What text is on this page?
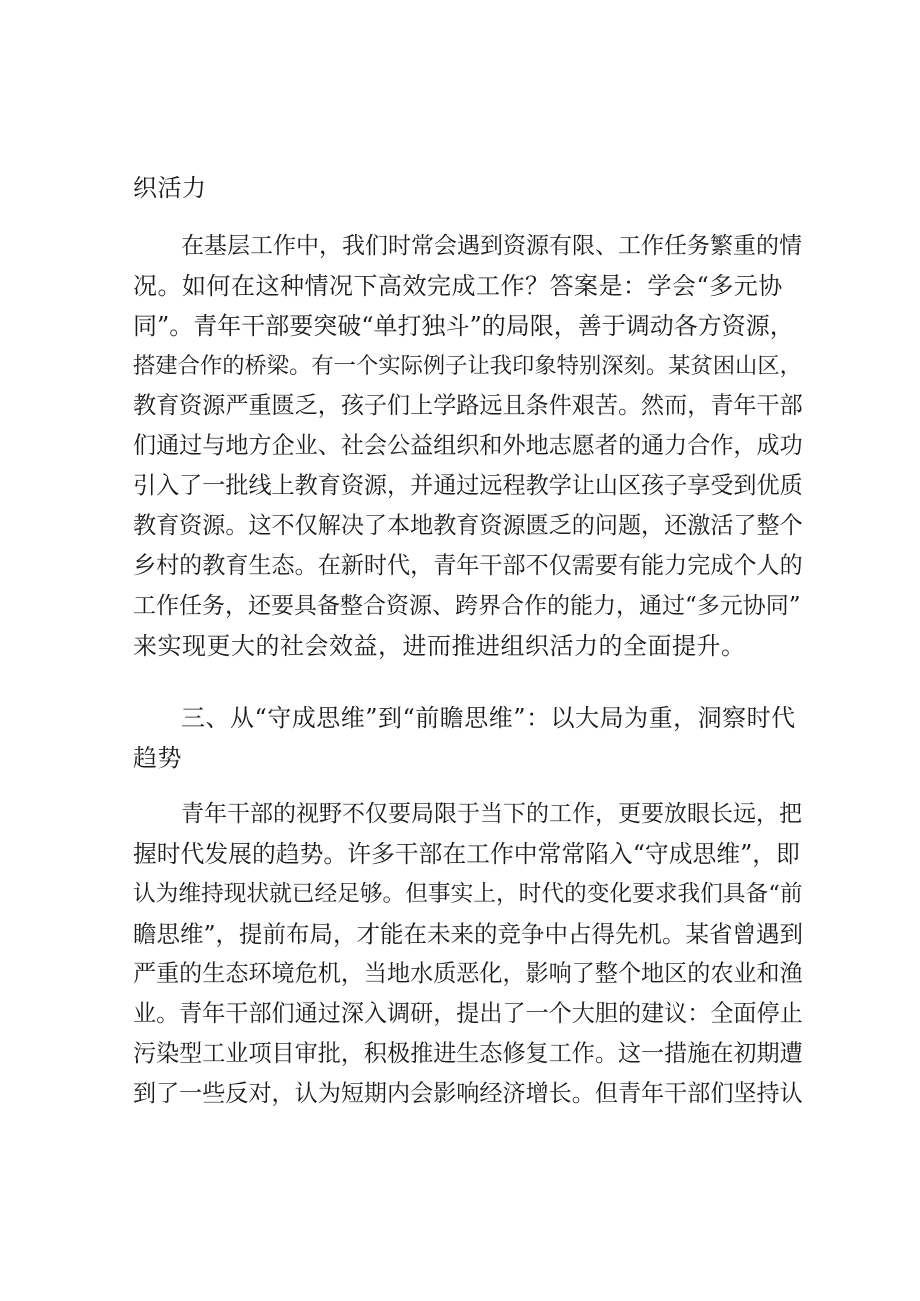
织活力
在基层工作中，我们时常会遇到资源有限、工作任务繁重的情
况。如何在这种情况下高效完成工作？答案是：学会“多元协
同”。青年干部要突破“单打独斗”的局限，善于调动各方资源，
搭建合作的桥梁。有一个实际例子让我印象特别深刻。某贫困山区，
教育资源严重匮乏，孩子们上学路远且条件艰苦。然而，青年干部
们通过与地方企业、社会公益组织和外地志愿者的通力合作，成功
引入了一批线上教育资源，并通过远程教学让山区孩子享受到优质
教育资源。这不仅解决了本地教育资源匮乏的问题，还激活了整个
乡村的教育生态。在新时代，青年干部不仅需要有能力完成个人的
工作任务，还要具备整合资源、跨界合作的能力，通过“多元协同”
来实现更大的社会效益，进而推进组织活力的全面提升。
三、从“守成思维”到“前瞻思维”：以大局为重，洞察时代
趋势
青年干部的视野不仅要局限于当下的工作，更要放眼长远，把
握时代发展的趋势。许多干部在工作中常常陷入“守成思维”，即
认为维持现状就已经足够。但事实上，时代的变化要求我们具备“前
瞻思维”，提前布局，才能在未来的竞争中占得先机。某省曾遇到
严重的生态环境危机，当地水质恶化，影响了整个地区的农业和渔
业。青年干部们通过深入调研，提出了一个大胆的建议：全面停止
污染型工业项目审批，积极推进生态修复工作。这一措施在初期遭
到了一些反对，认为短期内会影响经济增长。但青年干部们坚持认
